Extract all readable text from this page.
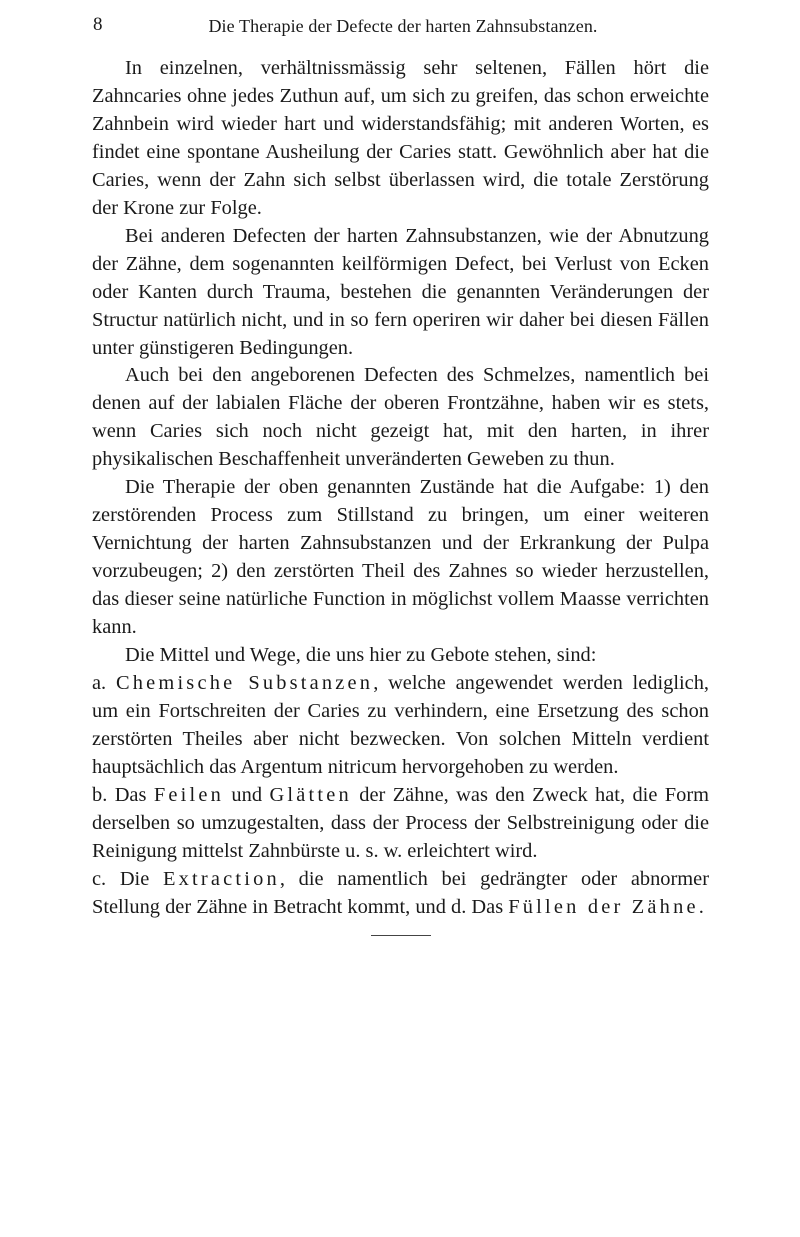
8	Die Therapie der Defecte der harten Zahnsubstanzen.

In einzelnen, verhältnissmässig sehr seltenen, Fällen hört die Zahncaries ohne jedes Zuthun auf, um sich zu greifen, das schon erweichte Zahnbein wird wieder hart und widerstandsfähig; mit anderen Worten, es findet eine spontane Ausheilung der Caries statt. Gewöhnlich aber hat die Caries, wenn der Zahn sich selbst überlassen wird, die totale Zerstörung der Krone zur Folge.

Bei anderen Defecten der harten Zahnsubstanzen, wie der Abnutzung der Zähne, dem sogenannten keilförmigen Defect, bei Verlust von Ecken oder Kanten durch Trauma, bestehen die genannten Veränderungen der Structur natürlich nicht, und in so fern operiren wir daher bei diesen Fällen unter günstigeren Bedingungen.

Auch bei den angeborenen Defecten des Schmelzes, namentlich bei denen auf der labialen Fläche der oberen Frontzähne, haben wir es stets, wenn Caries sich noch nicht gezeigt hat, mit den harten, in ihrer physikalischen Beschaffenheit unveränderten Geweben zu thun.

Die Therapie der oben genannten Zustände hat die Aufgabe: 1) den zerstörenden Process zum Stillstand zu bringen, um einer weiteren Vernichtung der harten Zahnsubstanzen und der Erkrankung der Pulpa vorzubeugen; 2) den zerstörten Theil des Zahnes so wieder herzustellen, das dieser seine natürliche Function in möglichst vollem Maasse verrichten kann.

Die Mittel und Wege, die uns hier zu Gebote stehen, sind:

a. Chemische Substanzen, welche angewendet werden lediglich, um ein Fortschreiten der Caries zu verhindern, eine Ersetzung des schon zerstörten Theiles aber nicht bezwecken. Von solchen Mitteln verdient hauptsächlich das Argentum nitricum hervorgehoben zu werden.

b. Das Feilen und Glätten der Zähne, was den Zweck hat, die Form derselben so umzugestalten, dass der Process der Selbstreinigung oder die Reinigung mittelst Zahnbürste u. s. w. erleichtert wird.

c. Die Extraction, die namentlich bei gedrängter oder abnormer Stellung der Zähne in Betracht kommt, und d. Das Füllen der Zähne.
